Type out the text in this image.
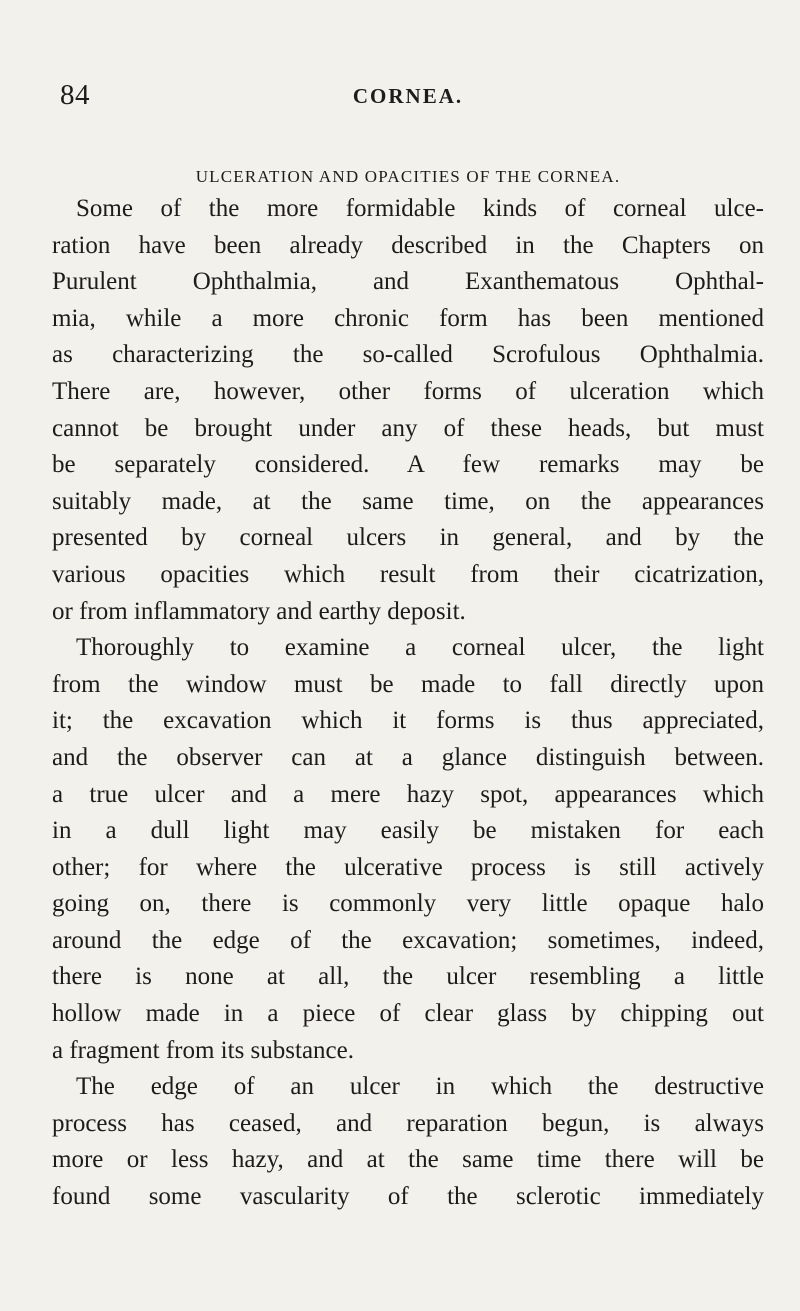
84	CORNEA.
ULCERATION AND OPACITIES OF THE CORNEA.
Some of the more formidable kinds of corneal ulce-
ration have been already described in the Chapters on
Purulent Ophthalmia, and Exanthematous Ophthal-
mia, while a more chronic form has been mentioned
as characterizing the so-called Scrofulous Ophthalmia.
There are, however, other forms of ulceration which
cannot be brought under any of these heads, but must
be separately considered. A few remarks may be
suitably made, at the same time, on the appearances
presented by corneal ulcers in general, and by the
various opacities which result from their cicatrization,
or from inflammatory and earthy deposit.
Thoroughly to examine a corneal ulcer, the light
from the window must be made to fall directly upon
it; the excavation which it forms is thus appreciated,
and the observer can at a glance distinguish between.
a true ulcer and a mere hazy spot, appearances which
in a dull light may easily be mistaken for each
other; for where the ulcerative process is still actively
going on, there is commonly very little opaque halo
around the edge of the excavation; sometimes, indeed,
there is none at all, the ulcer resembling a little
hollow made in a piece of clear glass by chipping out
a fragment from its substance.
The edge of an ulcer in which the destructive
process has ceased, and reparation begun, is always
more or less hazy, and at the same time there will be
found some vascularity of the sclerotic immediately
